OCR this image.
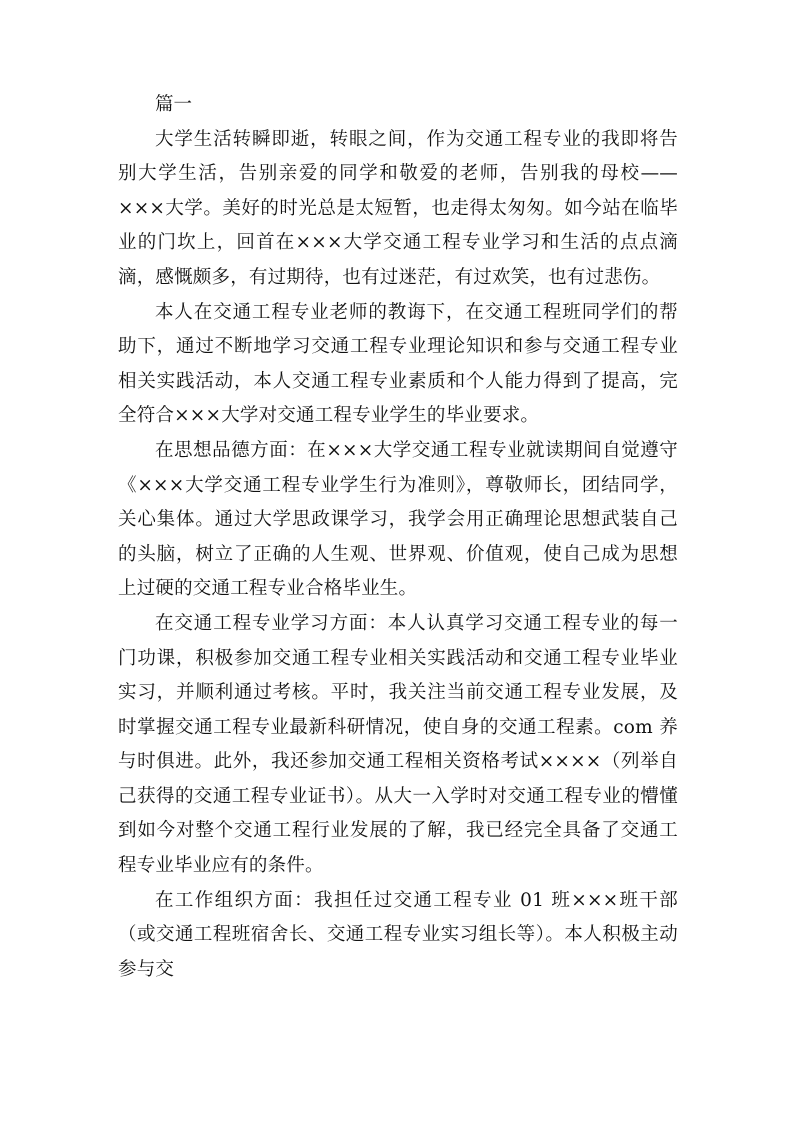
篇一

大学生活转瞬即逝，转眼之间，作为交通工程专业的我即将告别大学生活，告别亲爱的同学和敬爱的老师，告别我的母校——×××大学。美好的时光总是太短暂，也走得太匆匆。如今站在临毕业的门坎上，回首在×××大学交通工程专业学习和生活的点点滴滴，感慨颇多，有过期待，也有过迷茫，有过欢笑，也有过悲伤。

本人在交通工程专业老师的教诲下，在交通工程班同学们的帮助下，通过不断地学习交通工程专业理论知识和参与交通工程专业相关实践活动，本人交通工程专业素质和个人能力得到了提高，完全符合×××大学对交通工程专业学生的毕业要求。

在思想品德方面：在×××大学交通工程专业就读期间自觉遵守《×××大学交通工程专业学生行为准则》，尊敬师长，团结同学，关心集体。通过大学思政课学习，我学会用正确理论思想武装自己的头脑，树立了正确的人生观、世界观、价值观，使自己成为思想上过硬的交通工程专业合格毕业生。

在交通工程专业学习方面：本人认真学习交通工程专业的每一门功课，积极参加交通工程专业相关实践活动和交通工程专业毕业实习，并顺利通过考核。平时，我关注当前交通工程专业发展，及时掌握交通工程专业最新科研情况，使自身的交通工程素。com 养与时俱进。此外，我还参加交通工程相关资格考试××××（列举自己获得的交通工程专业证书）。从大一入学时对交通工程专业的懵懂到如今对整个交通工程行业发展的了解，我已经完全具备了交通工程专业毕业应有的条件。

在工作组织方面：我担任过交通工程专业 01 班×××班干部（或交通工程班宿舍长、交通工程专业实习组长等）。本人积极主动参与交
